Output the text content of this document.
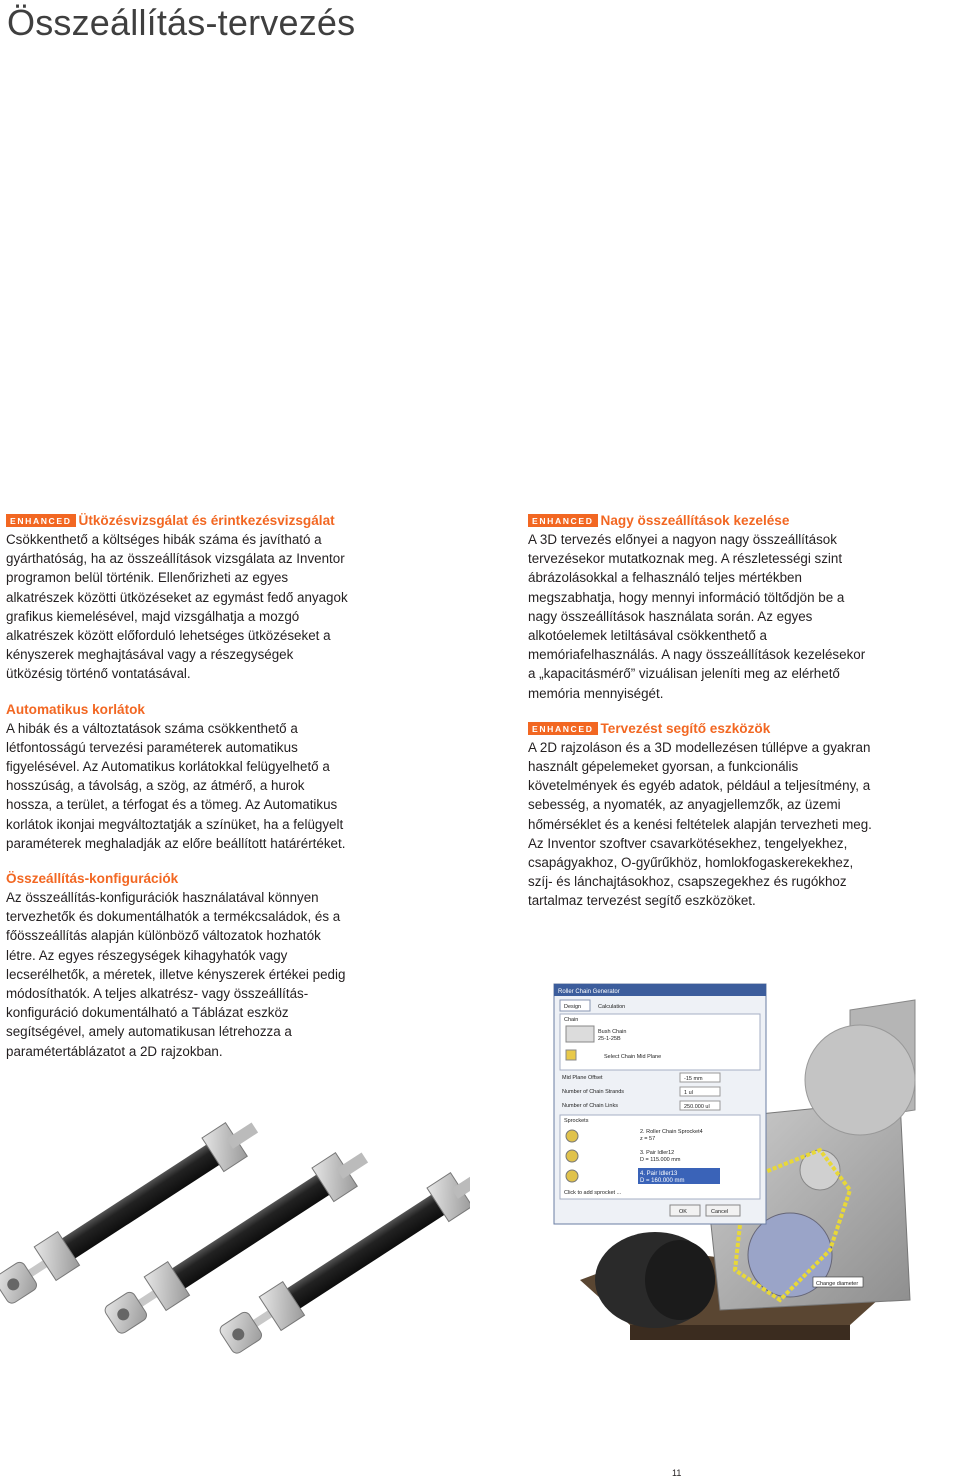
Összeállítás-tervezés

ENHANCED Ütközésvizsgálat és érintkezésvizsgálat

Csökkenthető a költséges hibák száma és javítható a gyárthatóság, ha az összeállítások vizsgálata az Inventor programon belül történik. Ellenőrizheti az egyes alkatrészek közötti ütközéseket az egymást fedő anyagok grafikus kiemelésével, majd vizsgálhatja a mozgó alkatrészek között előforduló lehetséges ütközéseket a kényszerek meghajtásával vagy a részegységek ütközésig történő vontatásával.

Automatikus korlátok

A hibák és a változtatások száma csökkenthető a létfontosságú tervezési paraméterek automatikus figyelésével. Az Automatikus korlátokkal felügyelhető a hosszúság, a távolság, a szög, az átmérő, a hurok hossza, a terület, a térfogat és a tömeg. Az Automatikus korlátok ikonjai megváltoztatják a színüket, ha a felügyelt paraméterek meghaladják az előre beállított határértéket.

Összeállítás-konfigurációk

Az összeállítás-konfigurációk használatával könnyen tervezhetők és dokumentálhatók a termékcsaládok, és a főösszeállítás alapján különböző változatok hozhatók létre. Az egyes részegységek kihagyhatók vagy lecserélhetők, a méretek, illetve kényszerek értékei pedig módosíthatók. A teljes alkatrész- vagy összeállítás-konfiguráció dokumentálható a Táblázat eszköz segítségével, amely automatikusan létrehozza a paramétertáblázatot a 2D rajzokban.

ENHANCED Nagy összeállítások kezelése

A 3D tervezés előnyei a nagyon nagy összeállítások tervezésekor mutatkoznak meg. A részletességi szint ábrázolásokkal a felhasználó teljes mértékben megszabhatja, hogy mennyi információ töltődjön be a nagy összeállítások használata során. Az egyes alkotóelemek letiltásával csökkenthető a memóriafelhasználás. A nagy összeállítások kezelésekor a „kapacitásmérő” vizuálisan jeleníti meg az elérhető memória mennyiségét.

ENHANCED Tervezést segítő eszközök

A 2D rajzoláson és a 3D modellezésen túllépve a gyakran használt gépelemeket gyorsan, a funkcionális követelmények és egyéb adatok, például a teljesítmény, a sebesség, a nyomaték, az anyagjellemzők, az üzemi hőmérséklet és a kenési feltételek alapján tervezheti meg. Az Inventor szoftver csavarkötésekhez, tengelyekhez, csapágyakhoz, O-gyűrűkhöz, homlokfogaskerekekhez, szíj- és lánchajtásokhoz, csapszegekhez és rugókhoz tartalmaz tervezést segítő eszközöket.

Change diameter
Roller Chain Generator
Design	Calculation
Chain
Bush Chain
25-1-25B
Select Chain Mid Plane
Mid Plane Offset	-15 mm
Number of Chain Strands	1 ul
Number of Chain Links	250.000 ul
Sprockets
2. Roller Chain Sprocket4
z = 57
3. Pair Idler12
D = 115.000 mm
4. Pair Idler13
D = 160.000 mm
Click to add sprocket ...
OK	Cancel
11
